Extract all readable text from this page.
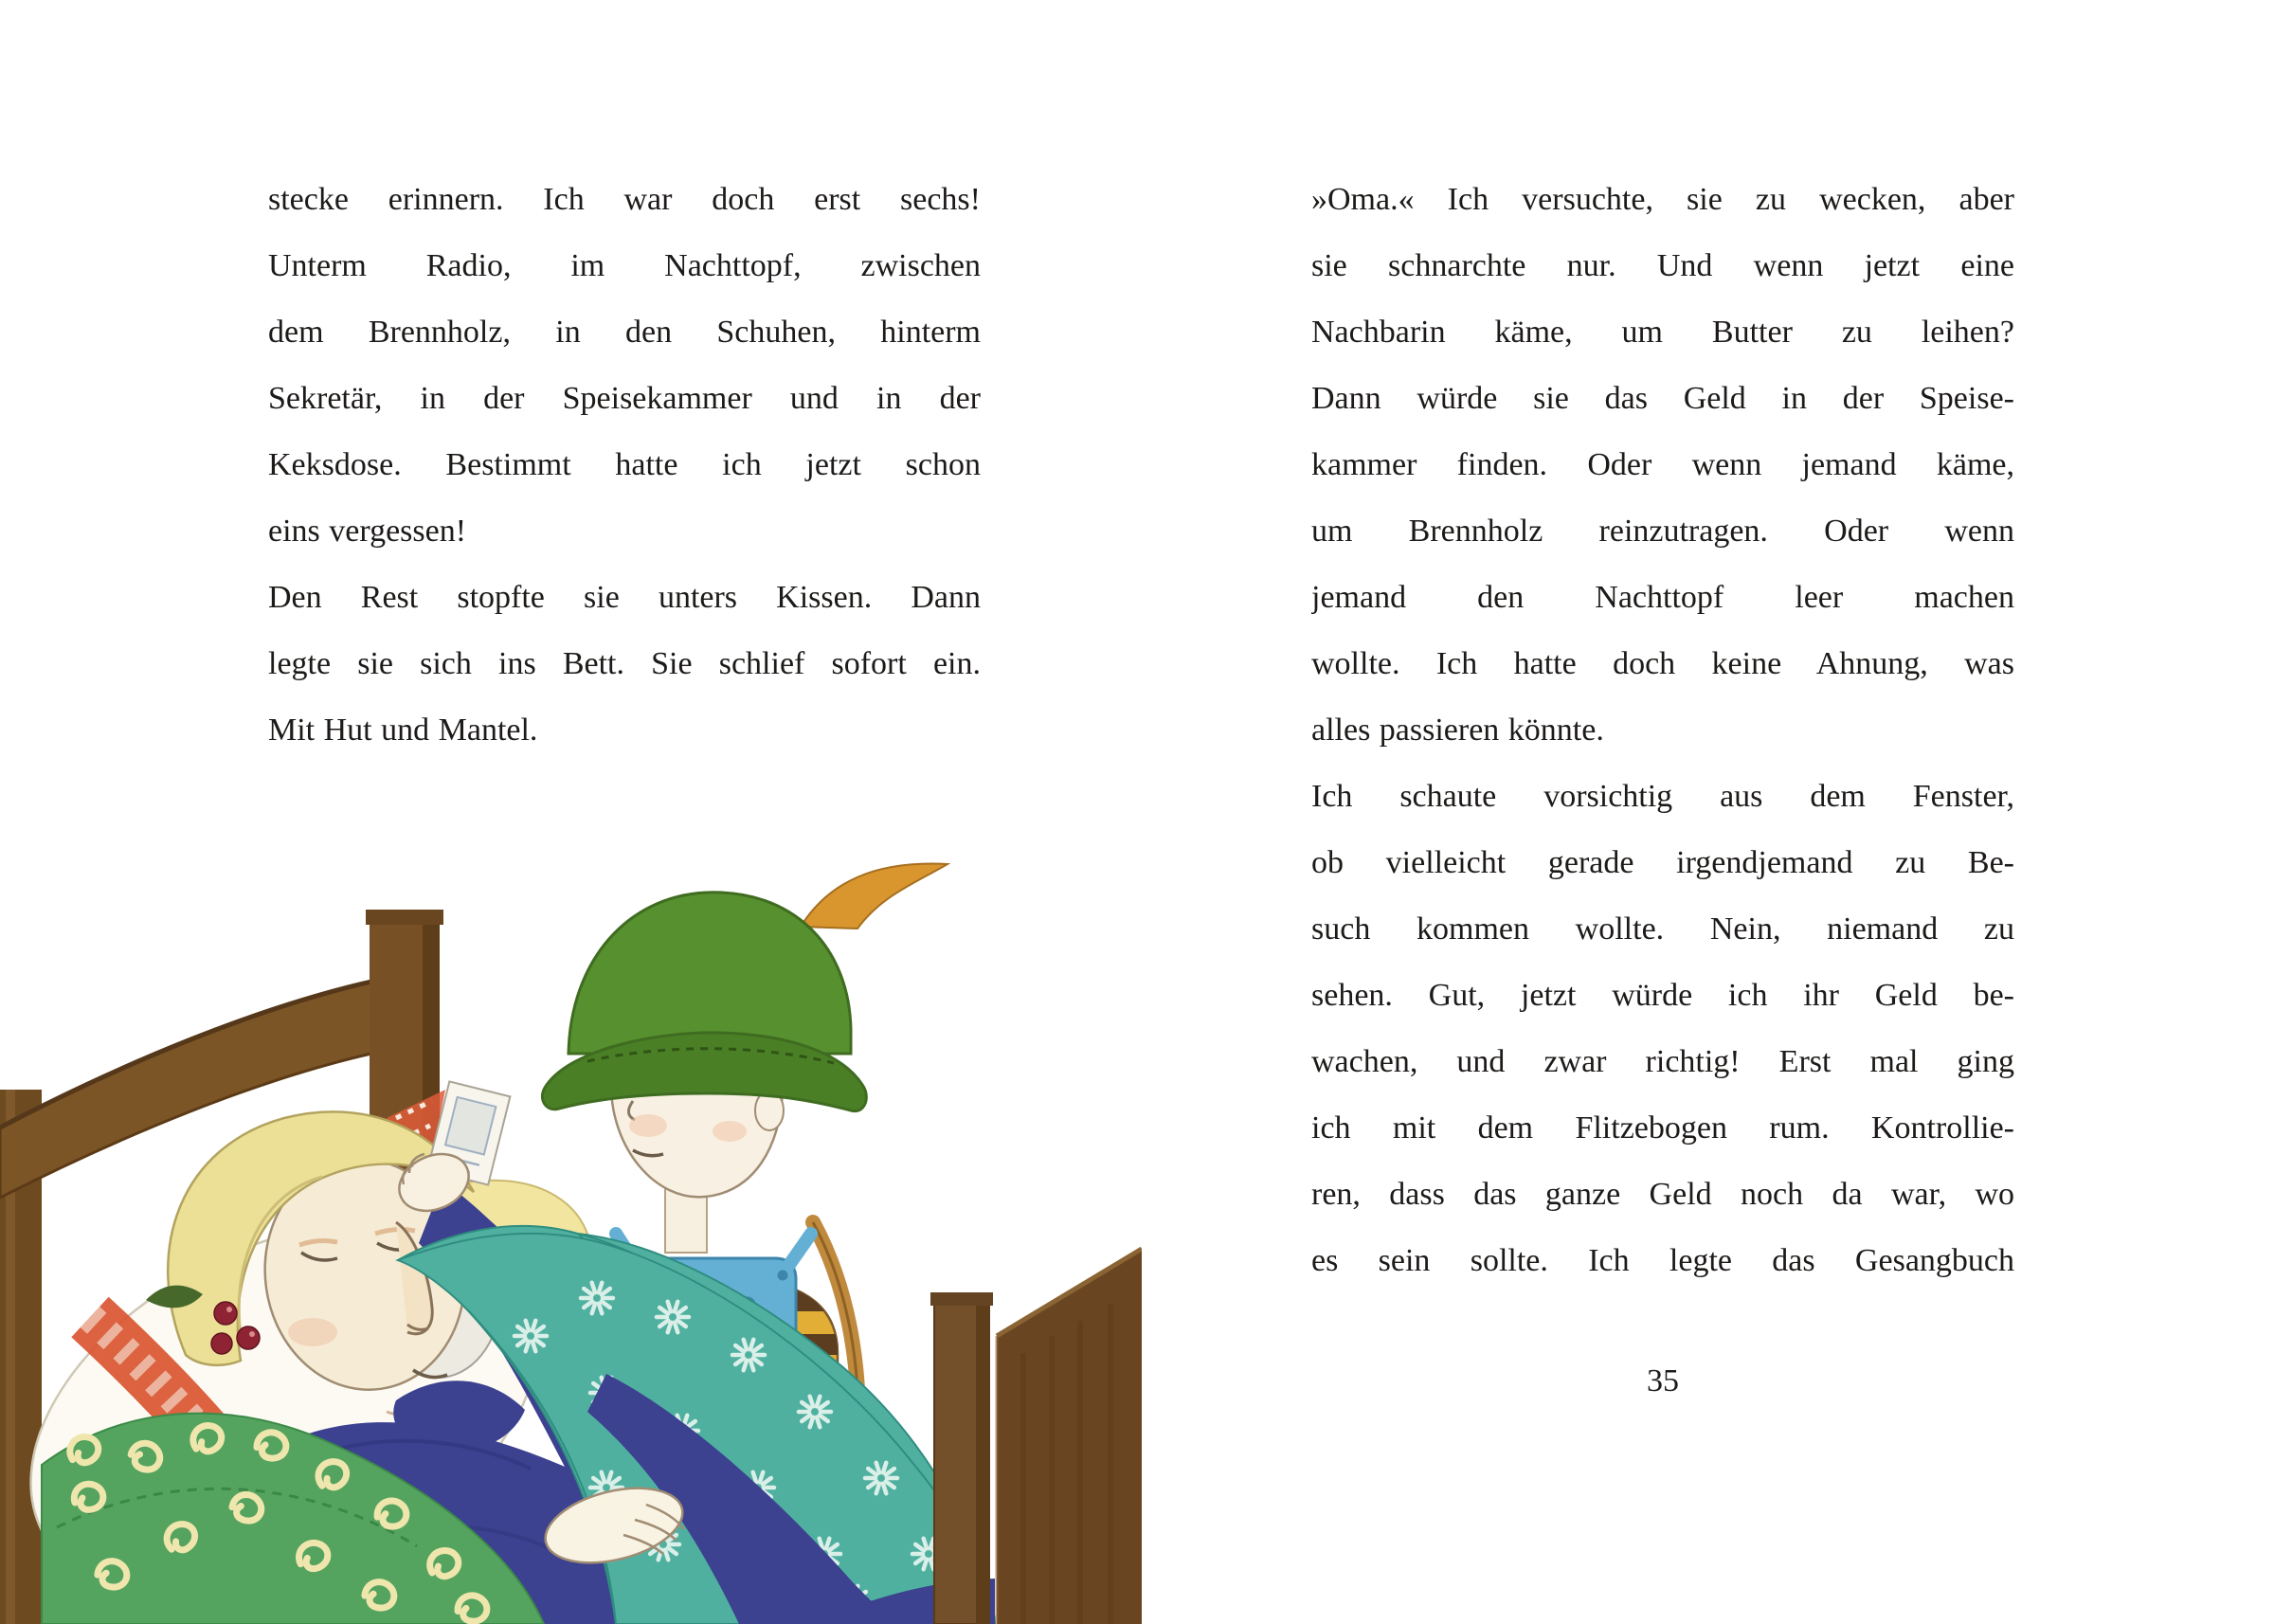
stecke erinnern. Ich war doch erst sechs!
Unterm Radio, im Nachttopf, zwischen
dem Brennholz, in den Schuhen, hinterm
Sekretär, in der Speisekammer und in der
Keksdose. Bestimmt hatte ich jetzt schon
eins vergessen!
Den Rest stopfte sie unters Kissen. Dann
legte sie sich ins Bett. Sie schlief sofort ein.
Mit Hut und Mantel.
»Oma.« Ich versuchte, sie zu wecken, aber
sie schnarchte nur. Und wenn jetzt eine
Nachbarin käme, um Butter zu leihen?
Dann würde sie das Geld in der Speise-
kammer finden. Oder wenn jemand käme,
um Brennholz reinzutragen. Oder wenn
jemand den Nachttopf leer machen
wollte. Ich hatte doch keine Ahnung, was
alles passieren könnte.
Ich schaute vorsichtig aus dem Fenster,
ob vielleicht gerade irgendjemand zu Be-
such kommen wollte. Nein, niemand zu
sehen. Gut, jetzt würde ich ihr Geld be-
wachen, und zwar richtig! Erst mal ging
ich mit dem Flitzebogen rum. Kontrollie-
ren, dass das ganze Geld noch da war, wo
es sein sollte. Ich legte das Gesangbuch
35
